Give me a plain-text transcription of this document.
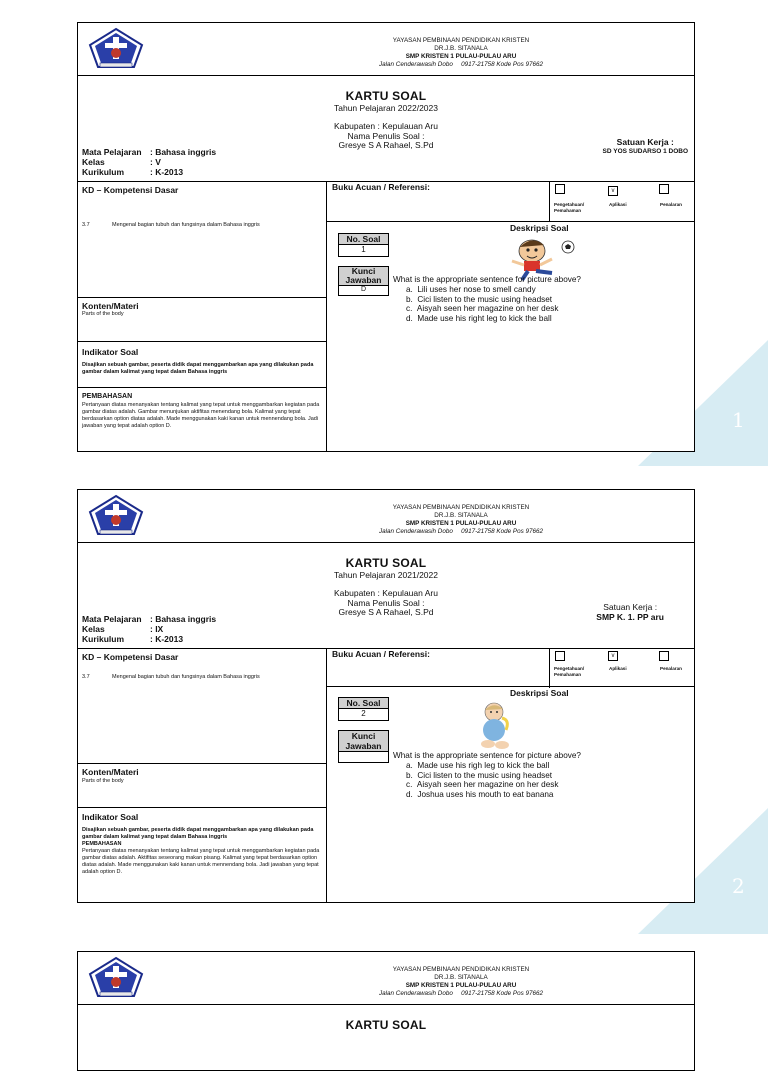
1
2
YAYASAN PEMBINAAN PENDIDIKAN KRISTEN
DR.J.B. SITANALA
SMP KRISTEN 1 PULAU-PULAU ARU
Jalan Cenderawasih Dobo   0917-21758 Kode Pos 97662
KARTU SOAL
Tahun Pelajaran 2022/2023
Kabupaten : Kepulauan Aru
Nama Penulis Soal :
Gresye S A Rahael, S.Pd
Mata Pelajaran	: Bahasa inggris
Kelas	: V
Kurikulum	: K-2013
Satuan Kerja :
SD YOS SUDARSO 1 DOBO
KD – Kompetensi Dasar
3.7	Mengenal bagian tubuh dan fungsinya dalam Bahasa inggris
Buku Acuan / Referensi:	v
Pengetahuan/ Pemahaman
Aplikasi	Penalaran
Deskripsi Soal
No. Soal
1
Kunci Jawaban
D
What is the appropriate sentence for picture above?
a.  Lili uses her nose to smell candy
b.  Cici listen to the music using headset
c.  Aisyah seen her magazine on her desk
d.  Made use his right leg to kick the ball
Konten/Materi
Parts of the body
Indikator Soal
Disajikan sebuah gambar, peserta didik dapat menggambarkan apa yang dilakukan pada gambar dalam kalimat yang tepat dalam Bahasa inggris
PEMBAHASAN
Pertanyaan diatas menanyakan tentang kalimat yang tepat untuk menggambarkan kegiatan pada gambar diatas adalah. Gambar menunjukan aktifitas menendang bola. Kalimat yang tepat berdasarkan option diatas adalah. Made menggunakan kaki kanan untuk mennendang bola. Jadi jawaban yang tepat adalah option D.
YAYASAN PEMBINAAN PENDIDIKAN KRISTEN
DR.J.B. SITANALA
SMP KRISTEN 1 PULAU-PULAU ARU
Jalan Cenderawasih Dobo   0917-21758 Kode Pos 97662
KARTU SOAL
Tahun Pelajaran 2021/2022
Kabupaten : Kepulauan Aru
Nama Penulis Soal :
Gresye S A Rahael, S.Pd
Mata Pelajaran	: Bahasa inggris
Kelas	: IX
Kurikulum	: K-2013
Satuan Kerja :
SMP K. 1. PP aru
KD – Kompetensi Dasar
3.7	Mengenal bagian tubuh dan fungsinya dalam Bahasa inggris
Buku Acuan / Referensi:	v
Pengetahuan/ Pemahaman
Aplikasi	Penalaran
Deskripsi Soal
No. Soal
2
Kunci Jawaban
What is the appropriate sentence for picture above?
a.  Made use his righ leg to kick the ball
b.  Cici listen to the music using headset
c.  Aisyah seen her magazine on her desk
d.  Joshua uses his mouth to eat banana
Konten/Materi
Parts of the body
Indikator Soal
Disajikan sebuah gambar, peserta didik dapat menggambarkan apa yang dilakukan pada gambar dalam kalimat yang tepat dalam Bahasa inggris
PEMBAHASAN
Pertanyaan diatas menanyakan tentang kalimat yang tepat untuk menggambarkan kegiatan pada gambar diatas adalah. Aktifitas seseorang makan pisang. Kalimat yang tepat berdasarkan option diatas adalah. Made menggunakan kaki kanan untuk mennendang bola. Jadi jawaban yang tepat adalah option D.
YAYASAN PEMBINAAN PENDIDIKAN KRISTEN
DR.J.B. SITANALA
SMP KRISTEN 1 PULAU-PULAU ARU
Jalan Cenderawasih Dobo   0917-21758 Kode Pos 97662
KARTU SOAL
